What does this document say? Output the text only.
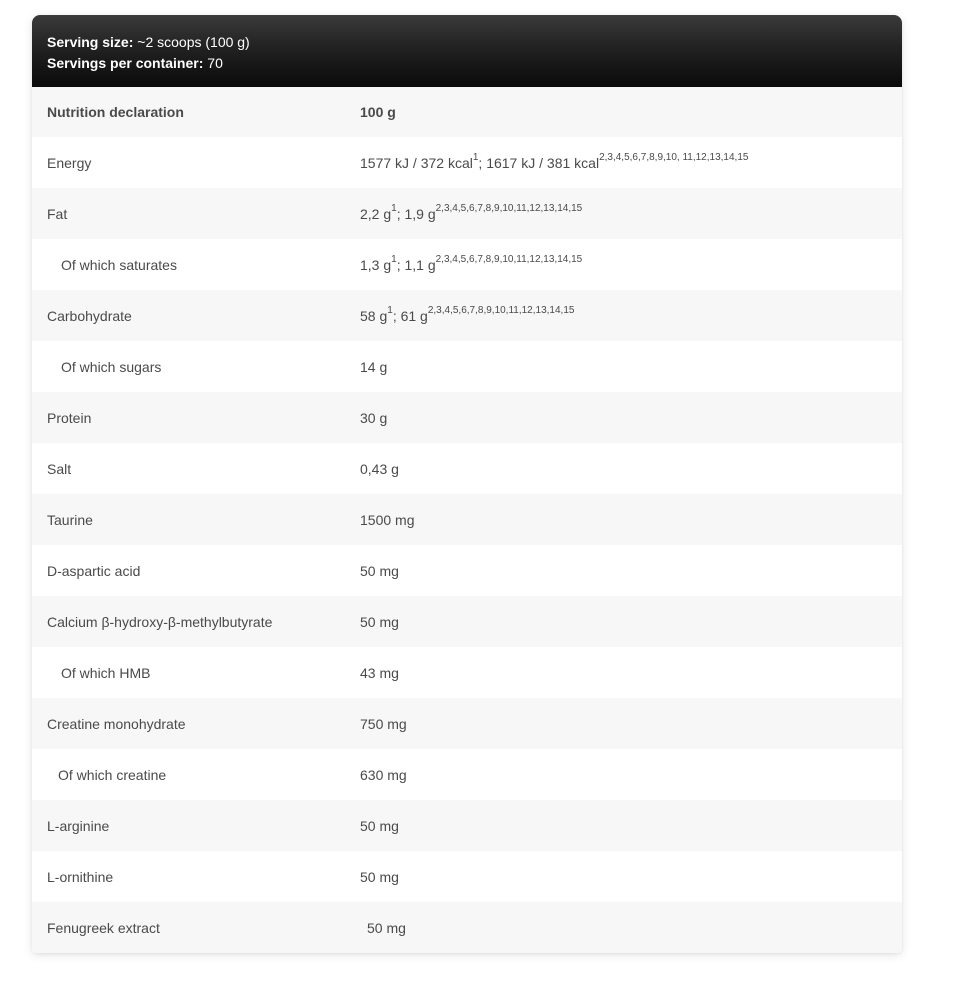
Serving size: ~2 scoops (100 g)
Servings per container: 70
Nutrition declaration	100 g
Energy	1577 kJ / 372 kcal$^1$; 1617 kJ / 381 kcal$^{2,3,4,5,6,7,8,9,10, 11,12,13,14,15}$
Fat	2,2 $g^1$; 1,9 $g^{2,3,4,5,6,7,8,9,10,11,12,13,14,15}$
Of which saturates	1,3 $g^1$; 1,1 $g^{2,3,4,5,6,7,8,9,10,11,12,13,14,15}$
Carbohydrate	58 $g^1$; 61 $g^{2,3,4,5,6,7,8,9,10,11,12,13,14,15}$
Of which sugars	14 g
Protein	30 g
Salt	0,43 g
Taurine	1500 mg
D-aspartic acid	50 mg
Calcium β-hydroxy-β-methylbutyrate	50 mg
Of which HMB	43 mg
Creatine monohydrate	750 mg
Of which creatine	630 mg
L-arginine	50 mg
L-ornithine	50 mg
Fenugreek extract	50 mg
